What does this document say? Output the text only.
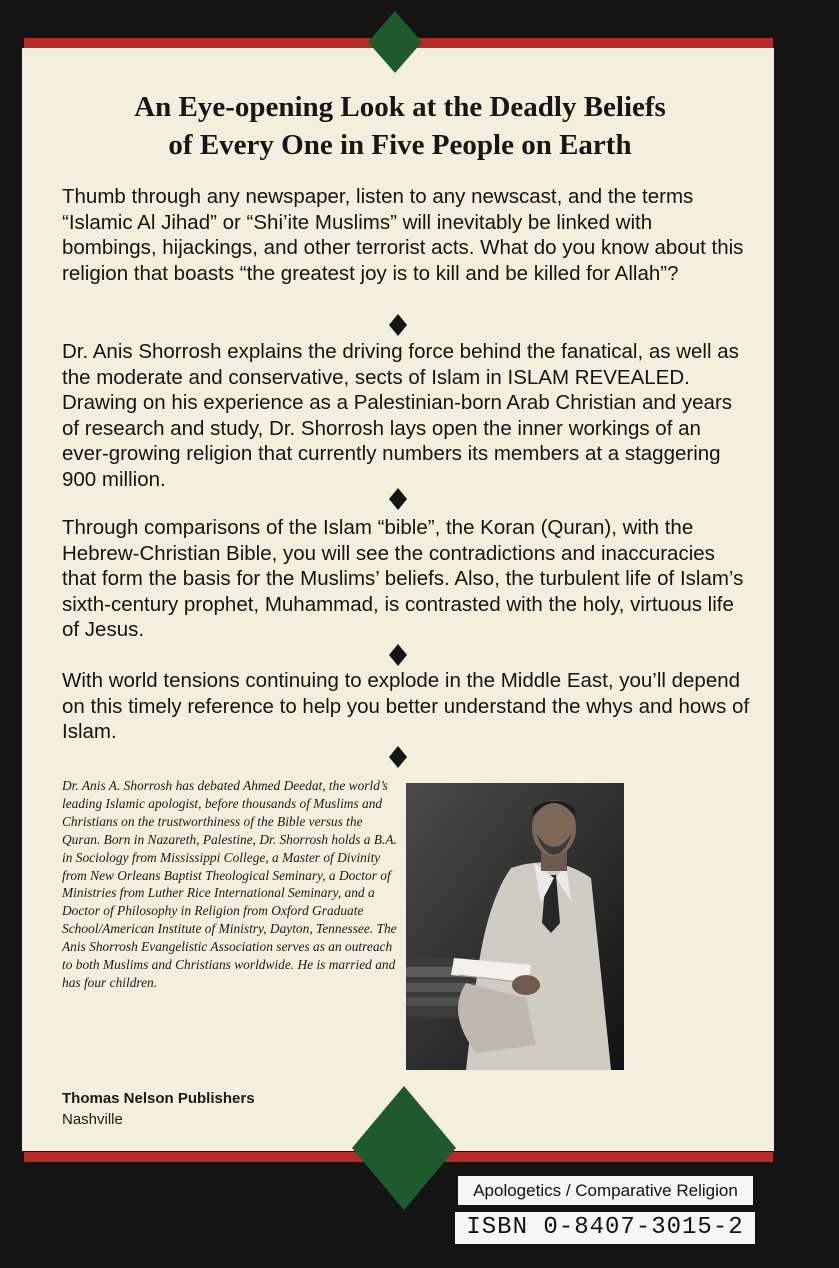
An Eye-opening Look at the Deadly Beliefs
of Every One in Five People on Earth

Thumb through any newspaper, listen to any newscast, and the terms “Islamic Al Jihad” or “Shi’ite Muslims” will inevitably be linked with bombings, hijackings, and other terrorist acts. What do you know about this religion that boasts “the greatest joy is to kill and be killed for Allah”?

Dr. Anis Shorrosh explains the driving force behind the fanatical, as well as the moderate and conservative, sects of Islam in ISLAM REVEALED. Drawing on his experience as a Palestinian-born Arab Christian and years of research and study, Dr. Shorrosh lays open the inner workings of an ever-growing religion that currently numbers its members at a staggering 900 million.

Through comparisons of the Islam “bible”, the Koran (Quran), with the Hebrew-Christian Bible, you will see the contradictions and inaccuracies that form the basis for the Muslims’ beliefs. Also, the turbulent life of Islam’s sixth-century prophet, Muhammad, is contrasted with the holy, virtuous life of Jesus.

With world tensions continuing to explode in the Middle East, you’ll depend on this timely reference to help you better understand the whys and hows of Islam.

Dr. Anis A. Shorrosh has debated Ahmed Deedat, the world’s leading Islamic apologist, before thousands of Muslims and Christians on the trustworthiness of the Bible versus the Quran. Born in Nazareth, Palestine, Dr. Shorrosh holds a B.A. in Sociology from Mississippi College, a Master of Divinity from New Orleans Baptist Theological Seminary, a Doctor of Ministries from Luther Rice International Seminary, and a Doctor of Philosophy in Religion from Oxford Graduate School/American Institute of Ministry, Dayton, Tennessee. The Anis Shorrosh Evangelistic Association serves as an outreach to both Muslims and Christians worldwide. He is married and has four children.

Thomas Nelson Publishers

Nashville

Apologetics / Comparative Religion
ISBN 0-8407-3015-2
